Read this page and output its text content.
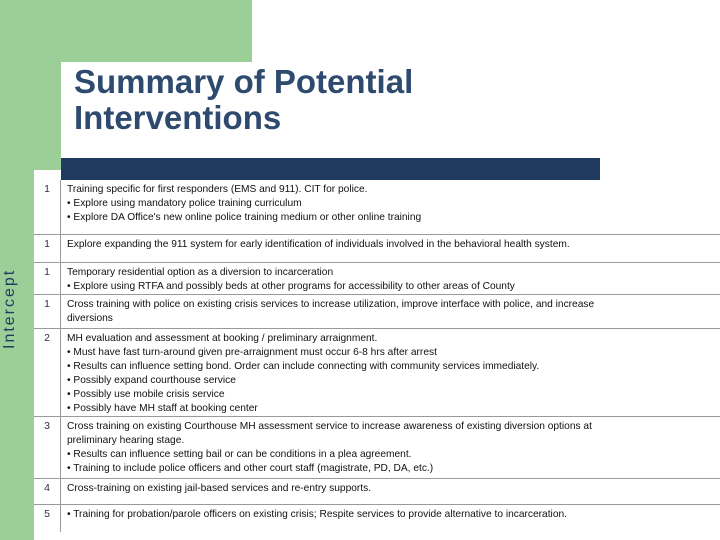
Summary of Potential
Interventions
Intercept
1 Training specific for first responders (EMS and 911). CIT for police.
• Explore using mandatory police training curriculum
• Explore DA Office's new online police training medium or other online training
1 Explore expanding the 911 system for early identification of individuals involved in the behavioral health system.
1 Temporary residential option as a diversion to incarceration
• Explore using RTFA and possibly beds at other programs for accessibility to other areas of County
1 Cross training with police on existing crisis services to increase utilization, improve interface with police, and increase
diversions
2 MH evaluation and assessment at booking / preliminary arraignment.
• Must have fast turn-around given pre-arraignment must occur 6-8 hrs after arrest
• Results can influence setting bond. Order can include connecting with community services immediately.
• Possibly expand courthouse service
• Possibly use mobile crisis service
• Possibly have MH staff at booking center
3 Cross training on existing Courthouse MH assessment service to increase awareness of existing diversion options at
preliminary hearing stage.
• Results can influence setting bail or can be conditions in a plea agreement.
• Training to include police officers and other court staff (magistrate, PD, DA, etc.)
4 Cross-training on existing jail-based services and re-entry supports.
5 • Training for probation/parole officers on existing crisis; Respite services to provide alternative to incarceration.
